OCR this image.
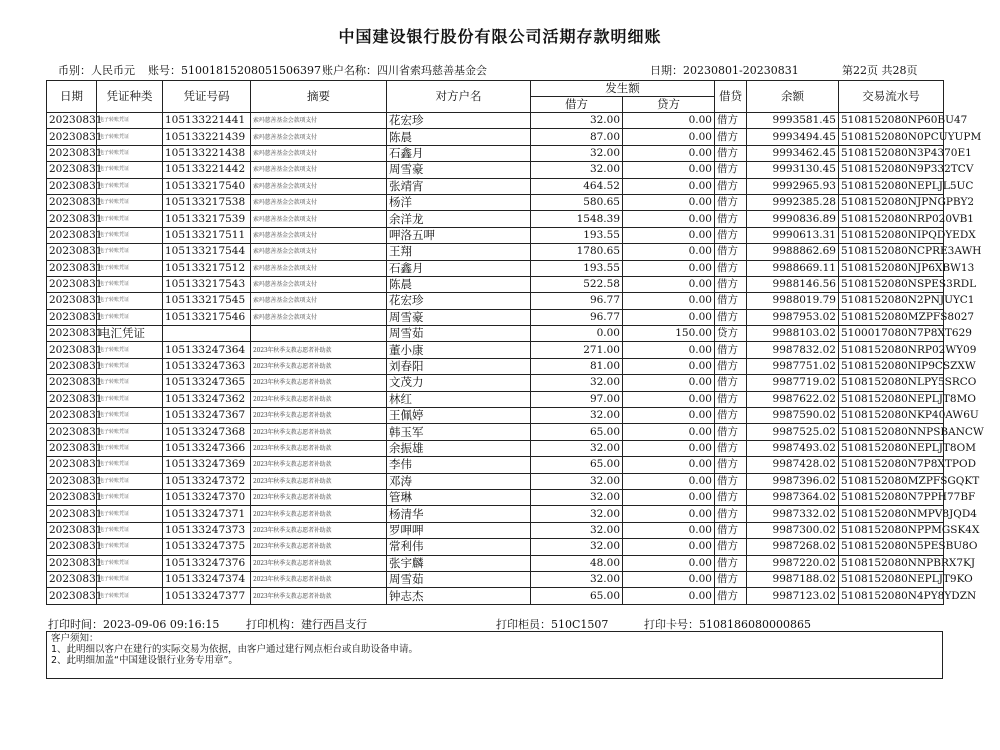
中国建设银行股份有限公司活期存款明细账
币别：人民币元 账号：51001815208051506397 账户名称：四川省索玛慈善基金会	日期：20230801-20230831	第22页 共28页
日期	凭证种类	凭证号码	摘要	对方户名	发生额		借贷	余额	交易流水号
					借方	贷方			
20230831	电子转账凭证	105133221441	索玛慈善基金会款项支付	花宏珍	32.00	0.00	借方	9993581.45	5108152080NP60BU47
20230831	电子转账凭证	105133221439	索玛慈善基金会款项支付	陈晨	87.00	0.00	借方	9993494.45	5108152080N0PCUYUPM
20230831	电子转账凭证	105133221438	索玛慈善基金会款项支付	石鑫月	32.00	0.00	借方	9993462.45	5108152080N3P4370E1
20230831	电子转账凭证	105133221442	索玛慈善基金会款项支付	周雪豪	32.00	0.00	借方	9993130.45	5108152080N9P332TCV
20230831	电子转账凭证	105133217540	索玛慈善基金会款项支付	张靖宵	464.52	0.00	借方	9992965.93	5108152080NEPLJL5UC
20230831	电子转账凭证	105133217538	索玛慈善基金会款项支付	杨洋	580.65	0.00	借方	9992385.28	5108152080NJPNGPBY2
20230831	电子转账凭证	105133217539	索玛慈善基金会款项支付	余洋龙	1548.39	0.00	借方	9990836.89	5108152080NRP020VB1
20230831	电子转账凭证	105133217511	索玛慈善基金会款项支付	呷洛五呷	193.55	0.00	借方	9990613.31	5108152080NIPQDYEDX
20230831	电子转账凭证	105133217544	索玛慈善基金会款项支付	王翔	1780.65	0.00	借方	9988862.69	5108152080NCPRE3AWH
20230831	电子转账凭证	105133217512	索玛慈善基金会款项支付	石鑫月	193.55	0.00	借方	9988669.11	5108152080NJP6XBW13
20230831	电子转账凭证	105133217543	索玛慈善基金会款项支付	陈晨	522.58	0.00	借方	9988146.56	5108152080NSPES3RDL
20230831	电子转账凭证	105133217545	索玛慈善基金会款项支付	花宏珍	96.77	0.00	借方	9988019.79	5108152080N2PNJUYC1
20230831	电子转账凭证	105133217546	索玛慈善基金会款项支付	周雪豪	96.77	0.00	借方	9987953.02	5108152080MZPFS8027
20230831	电汇凭证			周雪茹	0.00	150.00	贷方	9988103.02	5100017080N7P8XT629
20230831	电子转账凭证	105133247364	2023年秋季支教志愿者补助款	董小康	271.00	0.00	借方	9987832.02	5108152080NRP02WY09
20230831	电子转账凭证	105133247363	2023年秋季支教志愿者补助款	刘春阳	81.00	0.00	借方	9987751.02	5108152080NIP9CSZXW
20230831	电子转账凭证	105133247365	2023年秋季支教志愿者补助款	文茂力	32.00	0.00	借方	9987719.02	5108152080NLPY5SRCO
20230831	电子转账凭证	105133247362	2023年秋季支教志愿者补助款	林红	97.00	0.00	借方	9987622.02	5108152080NEPLJT8MO
20230831	电子转账凭证	105133247367	2023年秋季支教志愿者补助款	王佩婷	32.00	0.00	借方	9987590.02	5108152080NKP40AW6U
20230831	电子转账凭证	105133247368	2023年秋季支教志愿者补助款	韩玉军	65.00	0.00	借方	9987525.02	5108152080NNPSBANCW
20230831	电子转账凭证	105133247366	2023年秋季支教志愿者补助款	余振雄	32.00	0.00	借方	9987493.02	5108152080NEPLJT8OM
20230831	电子转账凭证	105133247369	2023年秋季支教志愿者补助款	李伟	65.00	0.00	借方	9987428.02	5108152080N7P8XTPOD
20230831	电子转账凭证	105133247372	2023年秋季支教志愿者补助款	邓涛	32.00	0.00	借方	9987396.02	5108152080MZPFSGQKT
20230831	电子转账凭证	105133247370	2023年秋季支教志愿者补助款	管琳	32.00	0.00	借方	9987364.02	5108152080N7PPH77BF
20230831	电子转账凭证	105133247371	2023年秋季支教志愿者补助款	杨清华	32.00	0.00	借方	9987332.02	5108152080NMPV8JQD4
20230831	电子转账凭证	105133247373	2023年秋季支教志愿者补助款	罗呷呷	32.00	0.00	借方	9987300.02	5108152080NPPMGSK4X
20230831	电子转账凭证	105133247375	2023年秋季支教志愿者补助款	常利伟	32.00	0.00	借方	9987268.02	5108152080N5PESBU8O
20230831	电子转账凭证	105133247376	2023年秋季支教志愿者补助款	张宇麟	48.00	0.00	借方	9987220.02	5108152080NNPBRX7KJ
20230831	电子转账凭证	105133247374	2023年秋季支教志愿者补助款	周雪茹	32.00	0.00	借方	9987188.02	5108152080NEPLJT9KO
20230831	电子转账凭证	105133247377	2023年秋季支教志愿者补助款	钟志杰	65.00	0.00	借方	9987123.02	5108152080N4PY8YDZN
打印时间：2023-09-06 09:16:15 打印机构：建行西昌支行	打印柜员：510C1507	打印卡号：5108186080000865
客户须知：
1、此明细以客户在建行的实际交易为依据，由客户通过建行网点柜台或自助设备申请。
2、此明细加盖“中国建设银行业务专用章”。
